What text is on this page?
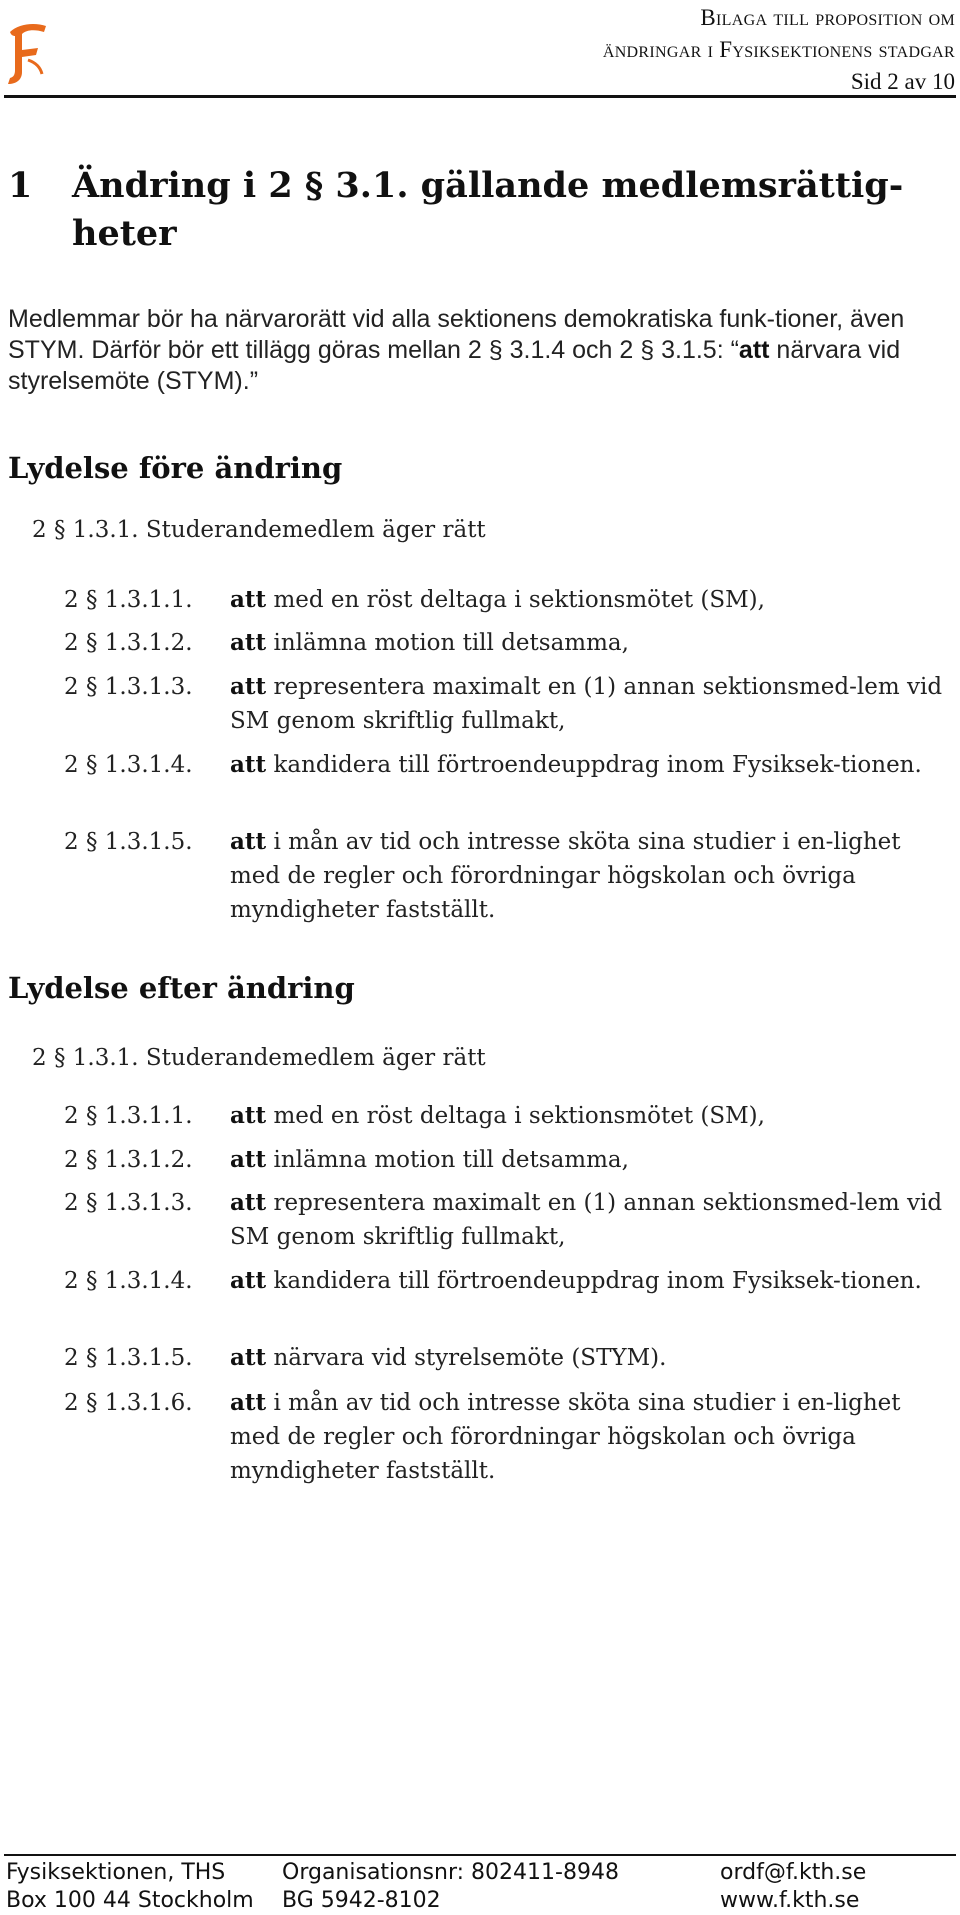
Bilaga till proposition om
ändringar i Fysiksektionens stadgar
Sid 2 av 10
1 Ändring i 2 § 3.1. gällande medlemsrättig-heter
Medlemmar bör ha närvarorätt vid alla sektionens demokratiska funk-tioner, även STYM. Därför bör ett tillägg göras mellan 2 § 3.1.4 och 2 § 3.1.5: “att närvara vid styrelsemöte (STYM).”
Lydelse före ändring
2 § 1.3.1. Studerandemedlem äger rätt
2 § 1.3.1.1. att med en röst deltaga i sektionsmötet (SM),
2 § 1.3.1.2. att inlämna motion till detsamma,
2 § 1.3.1.3. att representera maximalt en (1) annan sektionsmed-lem vid SM genom skriftlig fullmakt,
2 § 1.3.1.4. att kandidera till förtroendeuppdrag inom Fysiksek-tionen.
2 § 1.3.1.5. att i mån av tid och intresse sköta sina studier i en-lighet med de regler och förordningar högskolan och övriga myndigheter fastställt.
Lydelse efter ändring
2 § 1.3.1. Studerandemedlem äger rätt
2 § 1.3.1.1. att med en röst deltaga i sektionsmötet (SM),
2 § 1.3.1.2. att inlämna motion till detsamma,
2 § 1.3.1.3. att representera maximalt en (1) annan sektionsmed-lem vid SM genom skriftlig fullmakt,
2 § 1.3.1.4. att kandidera till förtroendeuppdrag inom Fysiksek-tionen.
2 § 1.3.1.5. att närvara vid styrelsemöte (STYM).
2 § 1.3.1.6. att i mån av tid och intresse sköta sina studier i en-lighet med de regler och förordningar högskolan och övriga myndigheter fastställt.
Fysiksektionen, THS	Organisationsnr: 802411-8948	ordf@f.kth.se
Box 100 44 Stockholm BG 5942-8102	www.f.kth.se
